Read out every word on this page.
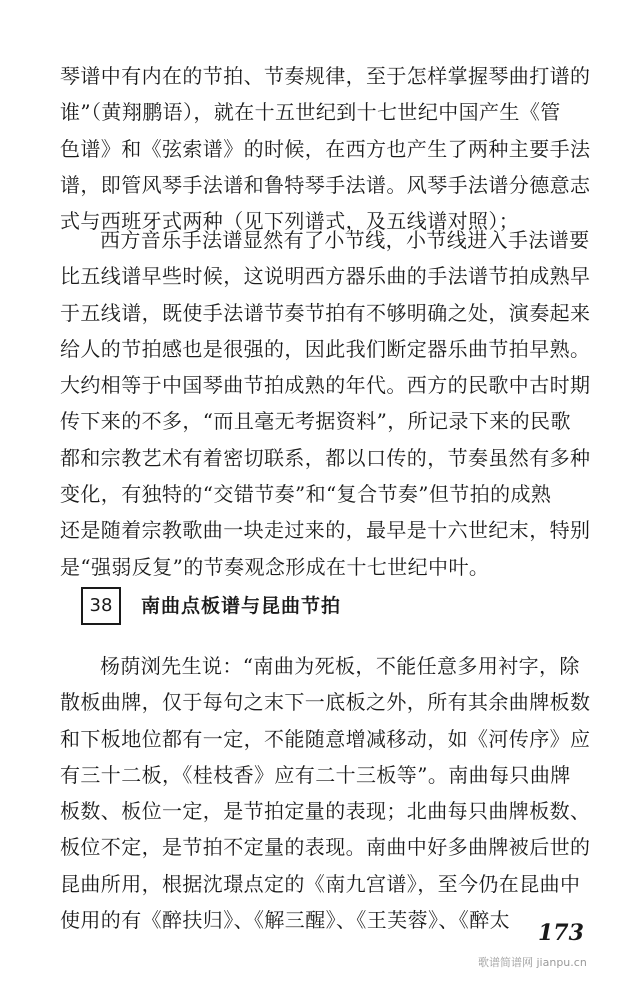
琴谱中有内在的节拍、节奏规律，至于怎样掌握琴曲打谱的
谁”（黄翔鹏语），就在十五世纪到十七世纪中国产生《管
色谱》和《弦索谱》的时候，在西方也产生了两种主要手法
谱，即管风琴手法谱和鲁特琴手法谱。风琴手法谱分德意志
式与西班牙式两种（见下列谱式，及五线谱对照）；
西方音乐手法谱显然有了小节线，小节线进入手法谱要
比五线谱早些时候，这说明西方器乐曲的手法谱节拍成熟早
于五线谱，既使手法谱节奏节拍有不够明确之处，演奏起来
给人的节拍感也是很强的，因此我们断定器乐曲节拍早熟。
大约相等于中国琴曲节拍成熟的年代。西方的民歌中古时期
传下来的不多，“而且毫无考据资料”，所记录下来的民歌
都和宗教艺术有着密切联系，都以口传的，节奏虽然有多种
变化，有独特的“交错节奏”和“复合节奏”但节拍的成熟
还是随着宗教歌曲一块走过来的，最早是十六世纪末，特别
是“强弱反复”的节奏观念形成在十七世纪中叶。
38	南曲点板谱与昆曲节拍
杨荫浏先生说：“南曲为死板，不能任意多用衬字，除
散板曲牌，仅于每句之末下一底板之外，所有其余曲牌板数
和下板地位都有一定，不能随意增减移动，如《河传序》应
有三十二板，《桂枝香》应有二十三板等”。南曲每只曲牌
板数、板位一定，是节拍定量的表现；北曲每只曲牌板数、
板位不定，是节拍不定量的表现。南曲中好多曲牌被后世的
昆曲所用，根据沈璟点定的《南九宫谱》，至今仍在昆曲中
使用的有《醉扶归》、《解三醒》、《王芙蓉》、《醉太	173
歌谱简谱网 jianpu.cn
